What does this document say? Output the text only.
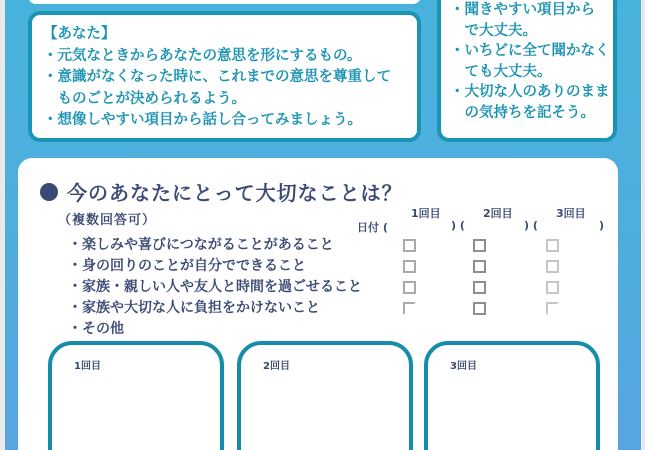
【あなた】
・元気なときからあなたの意思を形にするもの。
・意識がなくなった時に、これまでの意思を尊重して
ものごとが決められるよう。
・想像しやすい項目から話し合ってみましょう。
・聞きやすい項目から
で大丈夫。
・いちどに全て聞かなく
ても大丈夫。
・大切な人のありのまま
の気持ちを記そう。
今のあなたにとって大切なことは？
（複数回答可）	1回目	2回目	3回目
日付 (	) (	) (	)
・楽しみや喜びにつながることがあること
・身の回りのことが自分でできること
・家族・親しい人や友人と時間を過ごせること
・家族や大切な人に負担をかけないこと
・その他
1回目	2回目	3回目
